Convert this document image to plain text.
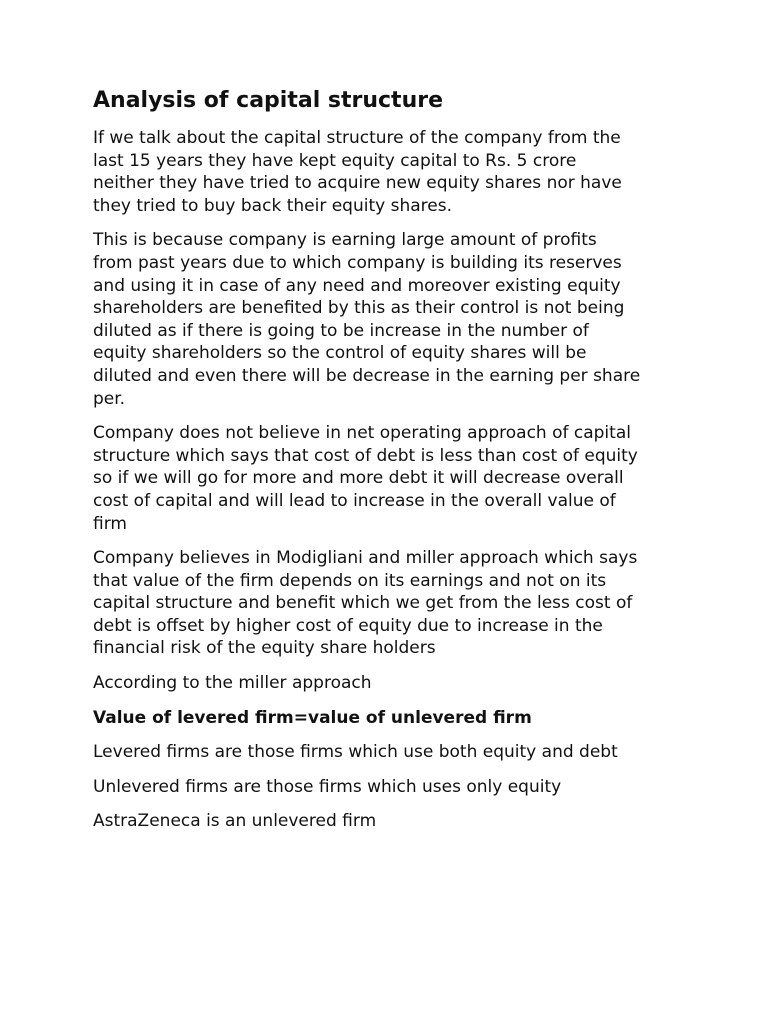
Analysis of capital structure

If we talk about the capital structure of the company from the
last 15 years they have kept equity capital to Rs. 5 crore
neither they have tried to acquire new equity shares nor have
they tried to buy back their equity shares.

This is because company is earning large amount of profits
from past years due to which company is building its reserves
and using it in case of any need and moreover existing equity
shareholders are benefited by this as their control is not being
diluted as if there is going to be increase in the number of
equity shareholders so the control of equity shares will be
diluted and even there will be decrease in the earning per share
per.

Company does not believe in net operating approach of capital
structure which says that cost of debt is less than cost of equity
so if we will go for more and more debt it will decrease overall
cost of capital and will lead to increase in the overall value of
firm

Company believes in Modigliani and miller approach which says
that value of the firm depends on its earnings and not on its
capital structure and benefit which we get from the less cost of
debt is offset by higher cost of equity due to increase in the
financial risk of the equity share holders

According to the miller approach

Value of levered firm=value of unlevered firm

Levered firms are those firms which use both equity and debt

Unlevered firms are those firms which uses only equity

AstraZeneca is an unlevered firm
